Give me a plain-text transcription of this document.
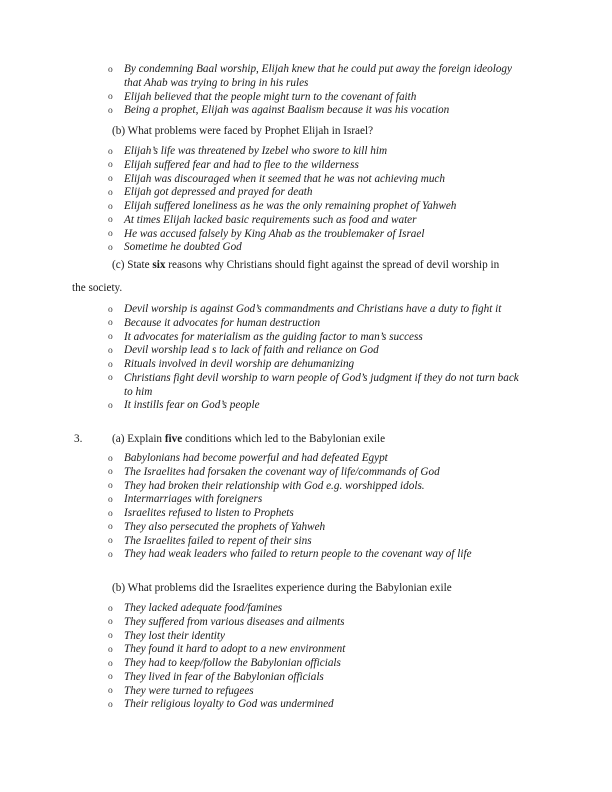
o	By condemning Baal worship, Elijah knew that he could put away the foreign ideology that Ahab was trying to bring in his rules
o	Elijah believed that the people might turn to the covenant of faith
o	Being a prophet, Elijah was against Baalism because it was his vocation
(b) What problems were faced by Prophet Elijah in Israel?
o	Elijah’s life was threatened by Izebel who swore to kill him
o	Elijah suffered fear and had to flee to the wilderness
o	Elijah was discouraged when it seemed that he was not achieving much
o	Elijah got depressed and prayed for death
o	Elijah suffered loneliness as he was the only remaining prophet of Yahweh
o	At times Elijah lacked basic requirements such as food and water
o	He was accused falsely by King Ahab as the troublemaker of Israel
o	Sometime he doubted God
(c) State six reasons why Christians should fight against the spread of devil worship in
the society.
o	Devil worship is against God’s commandments and Christians have a duty to fight it
o	Because it advocates for human destruction
o	It advocates for materialism as the guiding factor to man’s success
o	Devil worship lead s to lack of faith and reliance on God
o	Rituals involved in devil worship are dehumanizing
o	Christians fight devil worship to warn people of God’s judgment if they do not turn back to him
o	It instills fear on God’s people
3.	(a) Explain five conditions which led to the Babylonian exile
o	Babylonians had become powerful and had defeated Egypt
o	The Israelites had forsaken the covenant way of life/commands of God
o	They had broken their relationship with God e.g. worshipped idols.
o	Intermarriages with foreigners
o	Israelites refused to listen to Prophets
o	They also persecuted the prophets of Yahweh
o	The Israelites failed to repent of their sins
o	They had weak leaders who failed to return people to the covenant way of life
(b) What problems did the Israelites experience during the Babylonian exile
o	They lacked adequate food/famines
o	They suffered from various diseases and ailments
o	They lost their identity
o	They found it hard to adopt to a new environment
o	They had to keep/follow the Babylonian officials
o	They lived in fear of the Babylonian officials
o	They were turned to refugees
o	Their religious loyalty to God was undermined
